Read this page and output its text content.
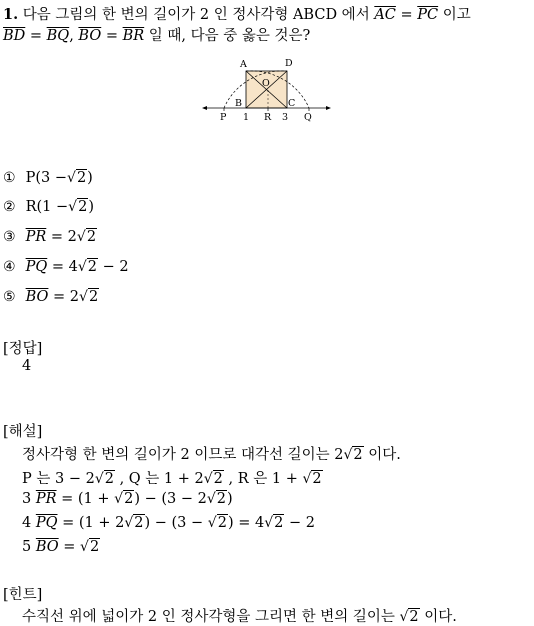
1. 다음 그림의 한 변의 길이가 2 인 정사각형 ABCD 에서 $\overline{AC} = \overline{PC}$ 이고
$\overline{BD} = \overline{BQ}$, $\overline{BO} = \overline{BR}$ 일 때, 다음 중 옳은 것은?
A	D
B	C
O
P 1 R 3 Q
① P(3 −√2)
② R(1 −√2)
③ $\overline{PR} = 2√2$
④ $\overline{PQ} = 4√2 - 2$
⑤ $\overline{BO} = 2√2$
[정답]
4
[해설]
정사각형 한 변의 길이가 2 이므로 대각선 길이는 2√2 이다.
P 는 3 − 2√2 , Q 는 1 + 2√2 , R 은 1 + √2
3 $\overline{PR} = (1 + √2) - (3 - 2√2)$
4 $\overline{PQ} = (1 + 2√2) - (3 - √2) = 4√2 - 2$
5 $\overline{BO} = √2$
[힌트]
수직선 위에 넓이가 2 인 정사각형을 그리면 한 변의 길이는 √2 이다.
